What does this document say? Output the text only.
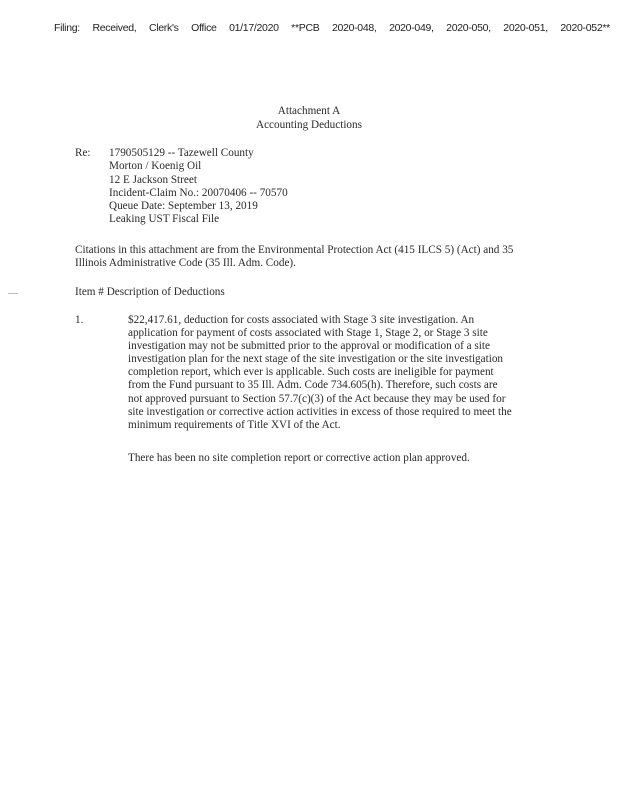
Filing: Received, Clerk's Office 01/17/2020 **PCB 2020-048, 2020-049, 2020-050, 2020-051, 2020-052**
Attachment A
Accounting Deductions
Re: 1790505129 -- Tazewell County
Morton / Koenig Oil
12 E Jackson Street
Incident-Claim No.: 20070406 -- 70570
Queue Date: September 13, 2019
Leaking UST Fiscal File
Citations in this attachment are from the Environmental Protection Act (415 ILCS 5) (Act) and 35 Illinois Administrative Code (35 Ill. Adm. Code).
Item # Description of Deductions
1.	$22,417.61, deduction for costs associated with Stage 3 site investigation. An
application for payment of costs associated with Stage 1, Stage 2, or Stage 3 site
investigation may not be submitted prior to the approval or modification of a site
investigation plan for the next stage of the site investigation or the site investigation
completion report, which ever is applicable. Such costs are ineligible for payment
from the Fund pursuant to 35 Ill. Adm. Code 734.605(h). Therefore, such costs are
not approved pursuant to Section 57.7(c)(3) of the Act because they may be used for
site investigation or corrective action activities in excess of those required to meet the
minimum requirements of Title XVI of the Act.
There has been no site completion report or corrective action plan approved.
